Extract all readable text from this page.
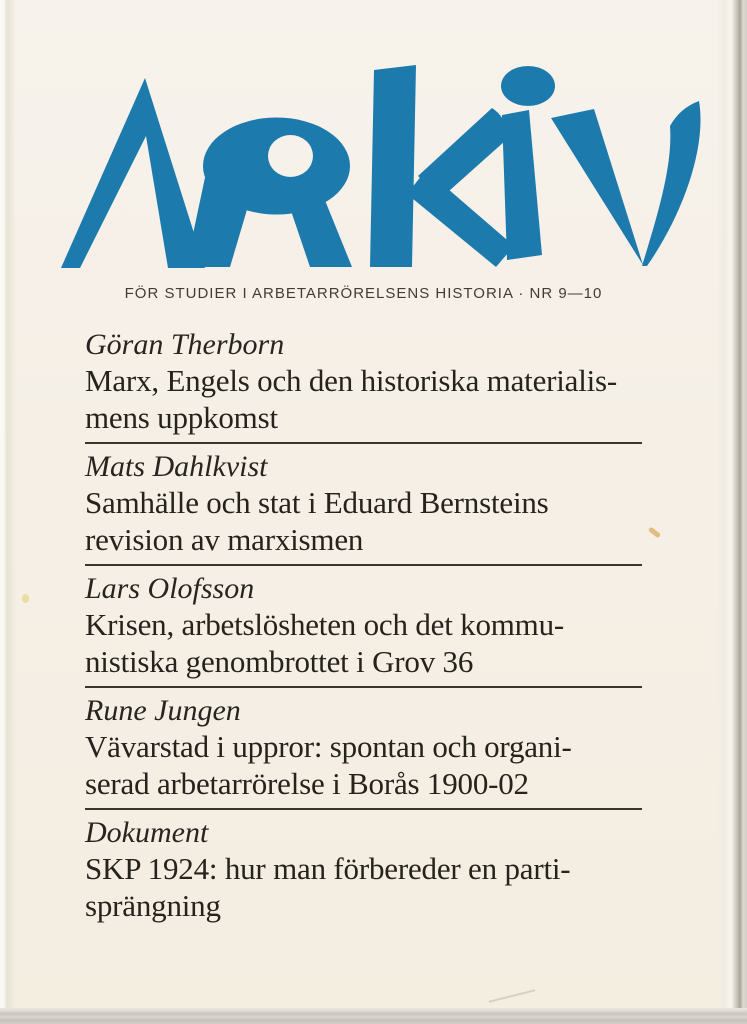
FÖR STUDIER I ARBETARRÖRELSENS HISTORIA · NR 9—10
Göran Therborn
Marx, Engels och den historiska materialis-
mens uppkomst
Mats Dahlkvist
Samhälle och stat i Eduard Bernsteins
revision av marxismen
Lars Olofsson
Krisen, arbetslösheten och det kommu-
nistiska genombrottet i Grov 36
Rune Jungen
Vävarstad i uppror: spontan och organi-
serad arbetarrörelse i Borås 1900-02
Dokument
SKP 1924: hur man förbereder en parti-
sprängning
